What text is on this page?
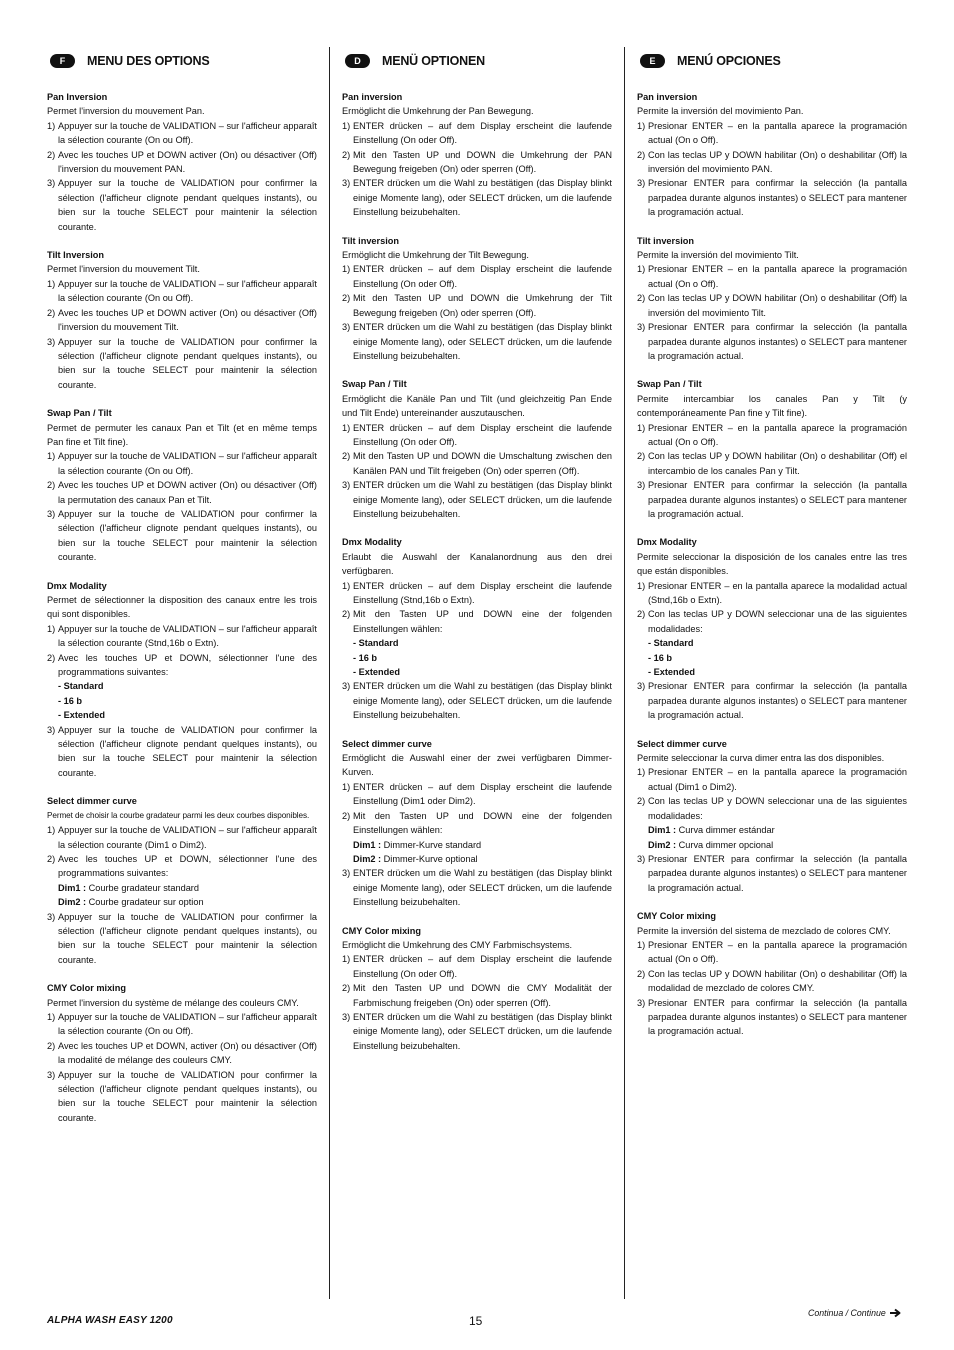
F	MENU DES OPTIONS
Pan Inversion
Permet l'inversion du mouvement Pan.
1) Appuyer sur la touche de VALIDATION – sur l'afficheur apparaît la sélection courante (On ou Off).
2) Avec les touches UP et DOWN activer (On) ou désactiver (Off) l'inversion du mouvement PAN.
3) Appuyer sur la touche de VALIDATION pour confirmer la sélection (l'afficheur clignote pendant quelques instants), ou bien sur la touche SELECT pour maintenir la sélection courante.
Tilt Inversion
Permet l'inversion du mouvement Tilt.
1) Appuyer sur la touche de VALIDATION – sur l'afficheur apparaît la sélection courante (On ou Off).
2) Avec les touches UP et DOWN activer (On) ou désactiver (Off) l'inversion du mouvement Tilt.
3) Appuyer sur la touche de VALIDATION pour confirmer la sélection (l'afficheur clignote pendant quelques instants), ou bien sur la touche SELECT pour maintenir la sélection courante.
Swap Pan / Tilt
Permet de permuter les canaux Pan et Tilt (et en même temps Pan fine et Tilt fine).
1) Appuyer sur la touche de VALIDATION – sur l'afficheur apparaît la sélection courante (On ou Off).
2) Avec les touches UP et DOWN activer (On) ou désactiver (Off) la permutation des canaux Pan et Tilt.
3) Appuyer sur la touche de VALIDATION pour confirmer la sélection (l'afficheur clignote pendant quelques instants), ou bien sur la touche SELECT pour maintenir la sélection courante.
Dmx Modality
Permet de sélectionner la disposition des canaux entre les trois qui sont disponibles.
1) Appuyer sur la touche de VALIDATION – sur l'afficheur apparaît la sélection courante (Stnd,16b o Extn).
2) Avec les touches UP et DOWN, sélectionner l'une des programmations suivantes:
- Standard
- 16 b
- Extended
3) Appuyer sur la touche de VALIDATION pour confirmer la sélection (l'afficheur clignote pendant quelques instants), ou bien sur la touche SELECT pour maintenir la sélection courante.
Select dimmer curve
Permet de choisir la courbe gradateur parmi les deux courbes disponibles.
1) Appuyer sur la touche de VALIDATION – sur l'afficheur apparaît la sélection courante (Dim1 o Dim2).
2) Avec les touches UP et DOWN, sélectionner l'une des programmations suivantes:
Dim1 : Courbe gradateur standard
Dim2 : Courbe gradateur sur option
3) Appuyer sur la touche de VALIDATION pour confirmer la sélection (l'afficheur clignote pendant quelques instants), ou bien sur la touche SELECT pour maintenir la sélection courante.
CMY Color mixing
Permet l'inversion du système de mélange des couleurs CMY.
1) Appuyer sur la touche de VALIDATION – sur l'afficheur apparaît la sélection courante (On ou Off).
2) Avec les touches UP et DOWN, activer (On) ou désactiver (Off) la modalité de mélange des couleurs CMY.
3) Appuyer sur la touche de VALIDATION pour confirmer la sélection (l'afficheur clignote pendant quelques instants), ou bien sur la touche SELECT pour maintenir la sélection courante.
D	MENÜ OPTIONEN
Pan inversion
Ermöglicht die Umkehrung der Pan Bewegung.
1) ENTER drücken – auf dem Display erscheint die laufende Einstellung (On oder Off).
2) Mit den Tasten UP und DOWN die Umkehrung der PAN Bewegung freigeben (On) oder sperren (Off).
3) ENTER drücken um die Wahl zu bestätigen (das Display blinkt einige Momente lang), oder SELECT drücken, um die laufende Einstellung beizubehalten.
Tilt inversion
Ermöglicht die Umkehrung der Tilt Bewegung.
1) ENTER drücken – auf dem Display erscheint die laufende Einstellung (On oder Off).
2) Mit den Tasten UP und DOWN die Umkehrung der Tilt Bewegung freigeben (On) oder sperren (Off).
3) ENTER drücken um die Wahl zu bestätigen (das Display blinkt einige Momente lang), oder SELECT drücken, um die laufende Einstellung beizubehalten.
Swap Pan / Tilt
Ermöglicht die Kanäle Pan und Tilt (und gleichzeitig Pan Ende und Tilt Ende) untereinander auszutauschen.
1) ENTER drücken – auf dem Display erscheint die laufende Einstellung (On oder Off).
2) Mit den Tasten UP und DOWN die Umschaltung zwischen den Kanälen PAN und Tilt freigeben (On) oder sperren (Off).
3) ENTER drücken um die Wahl zu bestätigen (das Display blinkt einige Momente lang), oder SELECT drücken, um die laufende Einstellung beizubehalten.
Dmx Modality
Erlaubt die Auswahl der Kanalanordnung aus den drei verfügbaren.
1) ENTER drücken – auf dem Display erscheint die laufende Einstellung (Stnd,16b o Extn).
2) Mit den Tasten UP und DOWN eine der folgenden Einstellungen wählen:
- Standard
- 16 b
- Extended
3) ENTER drücken um die Wahl zu bestätigen (das Display blinkt einige Momente lang), oder SELECT drücken, um die laufende Einstellung beizubehalten.
Select dimmer curve
Ermöglicht die Auswahl einer der zwei verfügbaren Dimmer-Kurven.
1) ENTER drücken – auf dem Display erscheint die laufende Einstellung (Dim1 oder Dim2).
2) Mit den Tasten UP und DOWN eine der folgenden Einstellungen wählen:
Dim1 : Dimmer-Kurve standard
Dim2 : Dimmer-Kurve optional
3) ENTER drücken um die Wahl zu bestätigen (das Display blinkt einige Momente lang), oder SELECT drücken, um die laufende Einstellung beizubehalten.
CMY Color mixing
Ermöglicht die Umkehrung des CMY Farbmischsystems.
1) ENTER drücken – auf dem Display erscheint die laufende Einstellung (On oder Off).
2) Mit den Tasten UP und DOWN die CMY Modalität der Farbmischung freigeben (On) oder sperren (Off).
3) ENTER drücken um die Wahl zu bestätigen (das Display blinkt einige Momente lang), oder SELECT drücken, um die laufende Einstellung beizubehalten.
E	MENÚ OPCIONES
Pan inversion
Permite la inversión del movimiento Pan.
1) Presionar ENTER – en la pantalla aparece la programación actual (On o Off).
2) Con las teclas UP y DOWN habilitar (On) o deshabilitar (Off) la inversión del movimiento PAN.
3) Presionar ENTER para confirmar la selección (la pantalla parpadea durante algunos instantes) o SELECT para mantener la programación actual.
Tilt inversion
Permite la inversión del movimiento Tilt.
1) Presionar ENTER – en la pantalla aparece la programación actual (On o Off).
2) Con las teclas UP y DOWN habilitar (On) o deshabilitar (Off) la inversión del movimiento Tilt.
3) Presionar ENTER para confirmar la selección (la pantalla parpadea durante algunos instantes) o SELECT para mantener la programación actual.
Swap Pan / Tilt
Permite intercambiar los canales Pan y Tilt (y contemporáneamente Pan fine y Tilt fine).
1) Presionar ENTER – en la pantalla aparece la programación actual (On o Off).
2) Con las teclas UP y DOWN habilitar (On) o deshabilitar (Off) el intercambio de los canales Pan y Tilt.
3) Presionar ENTER para confirmar la selección (la pantalla parpadea durante algunos instantes) o SELECT para mantener la programación actual.
Dmx Modality
Permite seleccionar la disposición de los canales entre las tres que están disponibles.
1) Presionar ENTER – en la pantalla aparece la modalidad actual (Stnd,16b o Extn).
2) Con las teclas UP y DOWN seleccionar una de las siguientes modalidades:
- Standard
- 16 b
- Extended
3) Presionar ENTER para confirmar la selección (la pantalla parpadea durante algunos instantes) o SELECT para mantener la programación actual.
Select dimmer curve
Permite seleccionar la curva dimer entra las dos disponibles.
1) Presionar ENTER – en la pantalla aparece la programación actual (Dim1 o Dim2).
2) Con las teclas UP y DOWN seleccionar una de las siguientes modalidades:
Dim1 : Curva dimmer estándar
Dim2 : Curva dimmer opcional
3) Presionar ENTER para confirmar la selección (la pantalla parpadea durante algunos instantes) o SELECT para mantener la programación actual.
CMY Color mixing
Permite la inversión del sistema de mezclado de colores CMY.
1) Presionar ENTER – en la pantalla aparece la programación actual (On o Off).
2) Con las teclas UP y DOWN habilitar (On) o deshabilitar (Off) la modalidad de mezclado de colores CMY.
3) Presionar ENTER para confirmar la selección (la pantalla parpadea durante algunos instantes) o SELECT para mantener la programación actual.
ALPHA WASH EASY 1200	15
Continua / Continue
